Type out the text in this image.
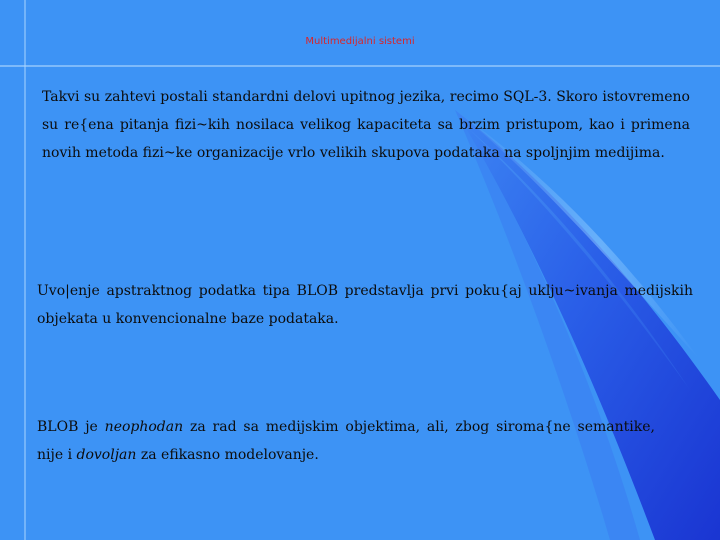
Multimedijalni sistemi

Takvi su zahtevi postali standardni delovi upitnog jezika, recimo SQL-3. Skoro istovremeno su re{ena pitanja fizi~kih nosilaca velikog kapaciteta sa brzim pristupom, kao i primena novih metoda fizi~ke organizacije vrlo velikih skupova podataka na spoljnjim medijima.

Uvo|enje apstraktnog podatka tipa BLOB predstavlja prvi poku{aj uklju~ivanja medijskih objekata u konvencionalne baze podataka.

BLOB je neophodan za rad sa medijskim objektima, ali, zbog siroma{ne semantike, nije i dovoljan za efikasno modelovanje.
